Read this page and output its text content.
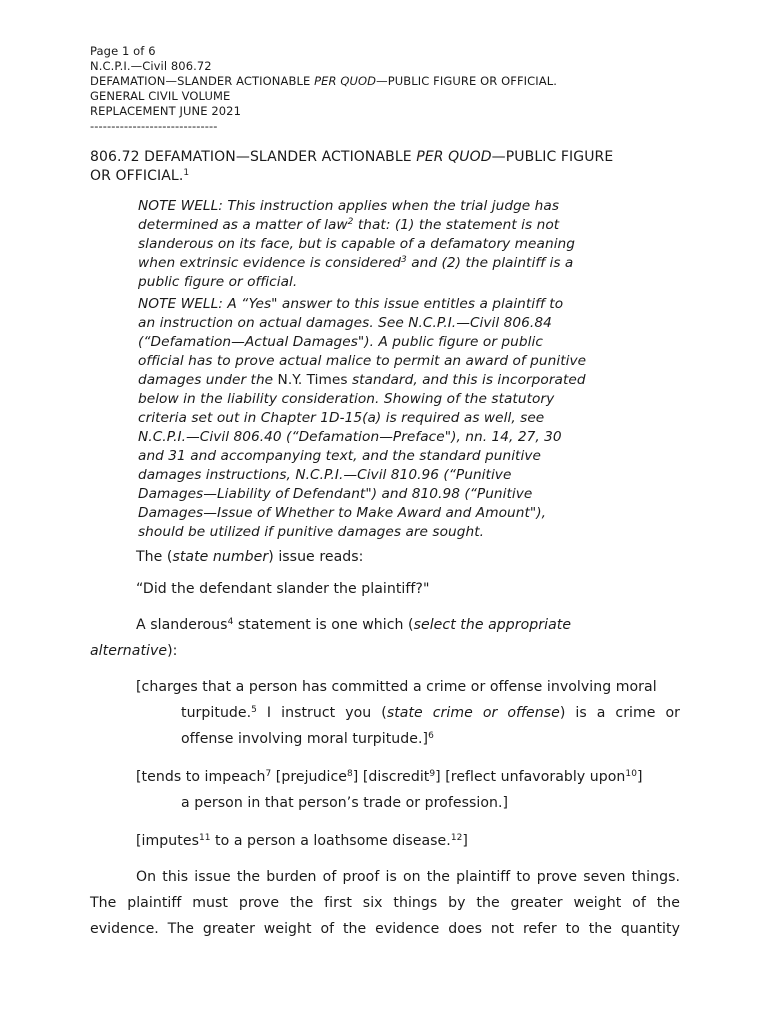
Page 1 of 6
N.C.P.I.—Civil 806.72
DEFAMATION—SLANDER ACTIONABLE PER QUOD—PUBLIC FIGURE OR OFFICIAL.
GENERAL CIVIL VOLUME
REPLACEMENT JUNE 2021
------------------------------
806.72 DEFAMATION—SLANDER ACTIONABLE PER QUOD—PUBLIC FIGURE
OR OFFICIAL.$^1$
NOTE WELL: This instruction applies when the trial judge has
determined as a matter of law$^2$ that: (1) the statement is not
slanderous on its face, but is capable of a defamatory meaning
when extrinsic evidence is considered$^3$ and (2) the plaintiff is a
public figure or official.
NOTE WELL: A “Yes" answer to this issue entitles a plaintiff to
an instruction on actual damages. See N.C.P.I.—Civil 806.84
(“Defamation—Actual Damages"). A public figure or public
official has to prove actual malice to permit an award of punitive
damages under the N.Y. Times standard, and this is incorporated
below in the liability consideration. Showing of the statutory
criteria set out in Chapter 1D-15(a) is required as well, see
N.C.P.I.—Civil 806.40 (“Defamation—Preface"), nn. 14, 27, 30
and 31 and accompanying text, and the standard punitive
damages instructions, N.C.P.I.—Civil 810.96 (“Punitive
Damages—Liability of Defendant") and 810.98 (“Punitive
Damages—Issue of Whether to Make Award and Amount"),
should be utilized if punitive damages are sought.
The (state number) issue reads:
“Did the defendant slander the plaintiff?"
A slanderous$^4$ statement is one which (select the appropriate
alternative):
[charges that a person has committed a crime or offense involving moral
turpitude.$^5$ I instruct you (state crime or offense) is a crime or
offense involving moral turpitude.]$^6$
[tends to impeach$^7$ [prejudice$^8$] [discredit$^9$] [reflect unfavorably upon$^{10}$]
a person in that person’s trade or profession.]
[imputes$^{11}$ to a person a loathsome disease.$^{12}$]
On this issue the burden of proof is on the plaintiff to prove seven things.
The plaintiff must prove the first six things by the greater weight of the
evidence. The greater weight of the evidence does not refer to the quantity
